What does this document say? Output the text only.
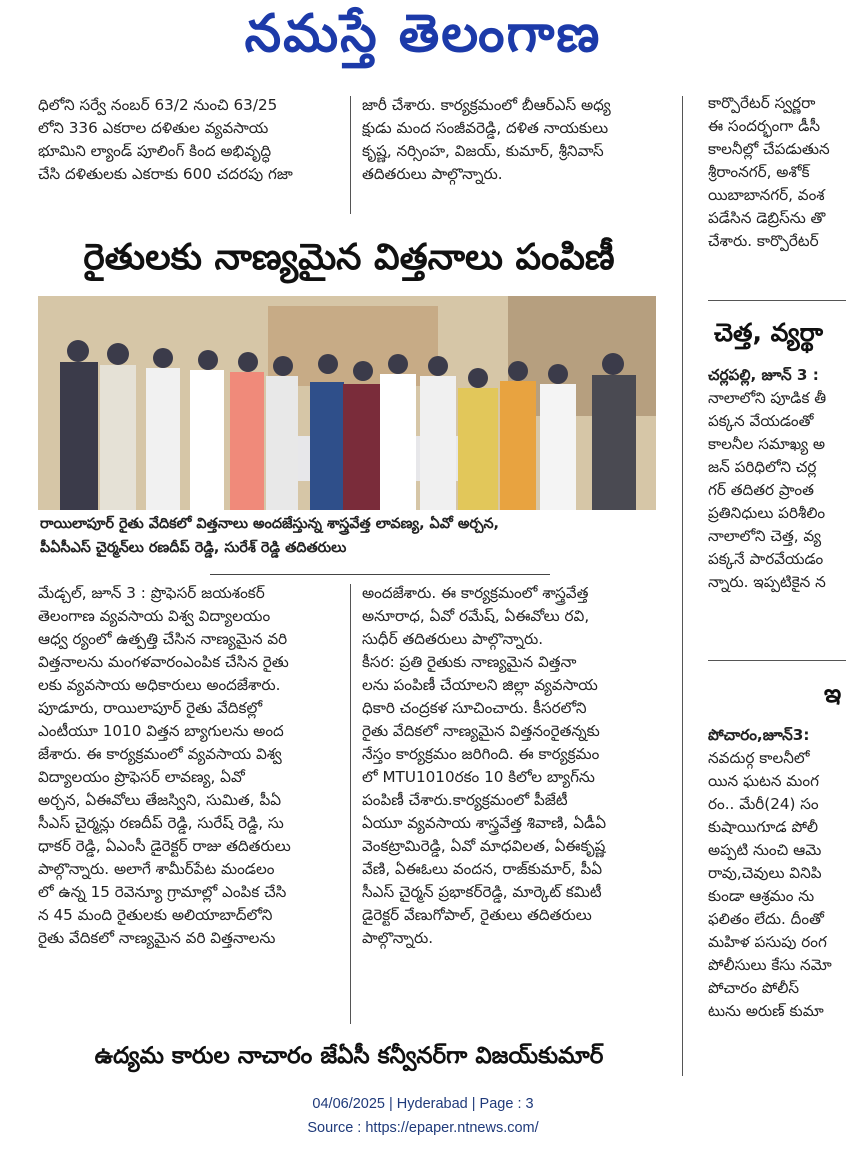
నమస్తే తెలంగాణ

ధిలోని సర్వే నంబర్ 63/2 నుంచి 63/25

లోని 336 ఎకరాల దళితుల వ్యవసాయ

భూమిని ల్యాండ్ పూలింగ్ కింద అభివృద్ధి

చేసి దళితులకు ఎకరాకు 600 చదరపు గజా

జారీ చేశారు. కార్యక్రమంలో బీఆర్ఎస్ అధ్య

క్షుడు మంద సంజీవరెడ్డి, దళిత నాయకులు

కృష్ణ, నర్సింహ, విజయ్, కుమార్, శ్రీనివాస్

తదితరులు పాల్గొన్నారు.

రైతులకు నాణ్యమైన విత్తనాలు పంపిణీ
రాయిలాపూర్ రైతు వేదికలో విత్తనాలు అందజేస్తున్న శాస్త్రవేత్త లావణ్య, ఏవో అర్చన,
పీఏసీఎస్ చైర్మన్‌లు రణదీప్ రెడ్డి, సురేశ్ రెడ్డి తదితరులు

మేడ్చల్, జూన్ 3 : ప్రొఫెసర్ జయశంకర్

తెలంగాణ వ్యవసాయ విశ్వ విద్యాలయం

ఆధ్వ ర్యంలో ఉత్పత్తి చేసిన నాణ్యమైన వరి

విత్తనాలను మంగళవారంఎంపిక చేసిన రైతు

లకు వ్యవసాయ అధికారులు అందజేశారు.

పూడూరు, రాయిలాపూర్ రైతు వేదికల్లో

ఎంటీయూ 1010 విత్తన బ్యాగులను అంద

జేశారు. ఈ కార్యక్రమంలో వ్యవసాయ విశ్వ

విద్యాలయం ప్రొఫెసర్ లావణ్య, ఏవో

అర్చన, ఏఈవోలు తేజస్విని, సుమిత, పీఏ

సీఎస్ చైర్మన్లు రణదీప్ రెడ్డి, సురేష్ రెడ్డి, సు

ధాకర్ రెడ్డి, ఏఎంసీ డైరెక్టర్ రాజు తదితరులు

పాల్గొన్నారు. అలాగే శామీర్‌పేట మండలం

లో ఉన్న 15 రెవెన్యూ గ్రామాల్లో ఎంపిక చేసి

న 45 మంది రైతులకు అలియాబాద్‌లోని

రైతు వేదికలో నాణ్యమైన వరి విత్తనాలను

అందజేశారు. ఈ కార్యక్రమంలో శాస్త్రవేత్త

అనూరాధ, ఏవో రమేష్, ఏఈవోలు రవి,

సుధీర్ తదితరులు పాల్గొన్నారు.

కీసర: ప్రతి రైతుకు నాణ్యమైన విత్తనా

లను పంపిణీ చేయాలని జిల్లా వ్యవసాయ

ధికారి చంద్రకళ సూచించారు. కీసరలోని

రైతు వేదికలో నాణ్యమైన విత్తనంరైతన్నకు

నేస్తం కార్యక్రమం జరిగింది. ఈ కార్యక్రమం

లో MTU1010రకం 10 కిలోల బ్యాగ్‌ను

పంపిణీ చేశారు.కార్యక్రమంలో పీజేటీ

ఏయూ వ్యవసాయ శాస్త్రవేత్త శివాణి, ఏడీఏ

వెంకట్రామిరెడ్డి, ఏవో మాధవిలత, ఏఈకృష్ణ

వేణి, ఏఈఓలు వందన, రాజ్‌కుమార్, పీఏ

సీఎస్ చైర్మన్ ప్రభాకర్‌రెడ్డి, మార్కెట్ కమిటీ

డైరెక్టర్ వేణుగోపాల్, రైతులు తదితరులు

పాల్గొన్నారు.

ఉద్యమ కారుల నాచారం జేఏసీ కన్వీనర్‌గా విజయ్‌కుమార్

కార్పొరేటర్ స్వర్ణరా

ఈ సందర్భంగా డీసీ

కాలనీల్లో చేపడుతున

శ్రీరాంనగర్, అశోక్

యిబాబానగర్, వంశ

పడేసిన డెబ్రిస్‌ను తొ

చేశారు. కార్పొరేటర్

చెత్త, వ్యర్థా

చర్లపల్లి, జూన్ 3 :

నాలాలోని పూడిక తీ

పక్కన వేయడంతో

కాలనీల సమాఖ్య అ

జన్ పరిధిలోని చర్ల

గర్ తదితర ప్రాంత

ప్రతినిధులు పరిశీలిం

నాలాలోని చెత్త, వ్య

పక్కనే పారవేయడం

న్నారు. ఇప్పటికైన న

ఇ

పోచారం,జూన్3:

నవదుర్గ కాలనీలో

యిన ఘటన మంగ

రం.. మేరీ(24) సం

కుషాయిగూడ పోలీ

అప్పటి నుంచి ఆమె

రావు,చెవులు వినిపి

కుండా ఆశ్రమం ను

ఫలితం లేదు. దీంతో

మహిళ పసుపు రంగ

పోలీసులు కేసు నమో

పోచారం పోలీస్

టును అరుణ్ కుమా

04/06/2025 | Hyderabad | Page : 3
Source : https://epaper.ntnews.com/
